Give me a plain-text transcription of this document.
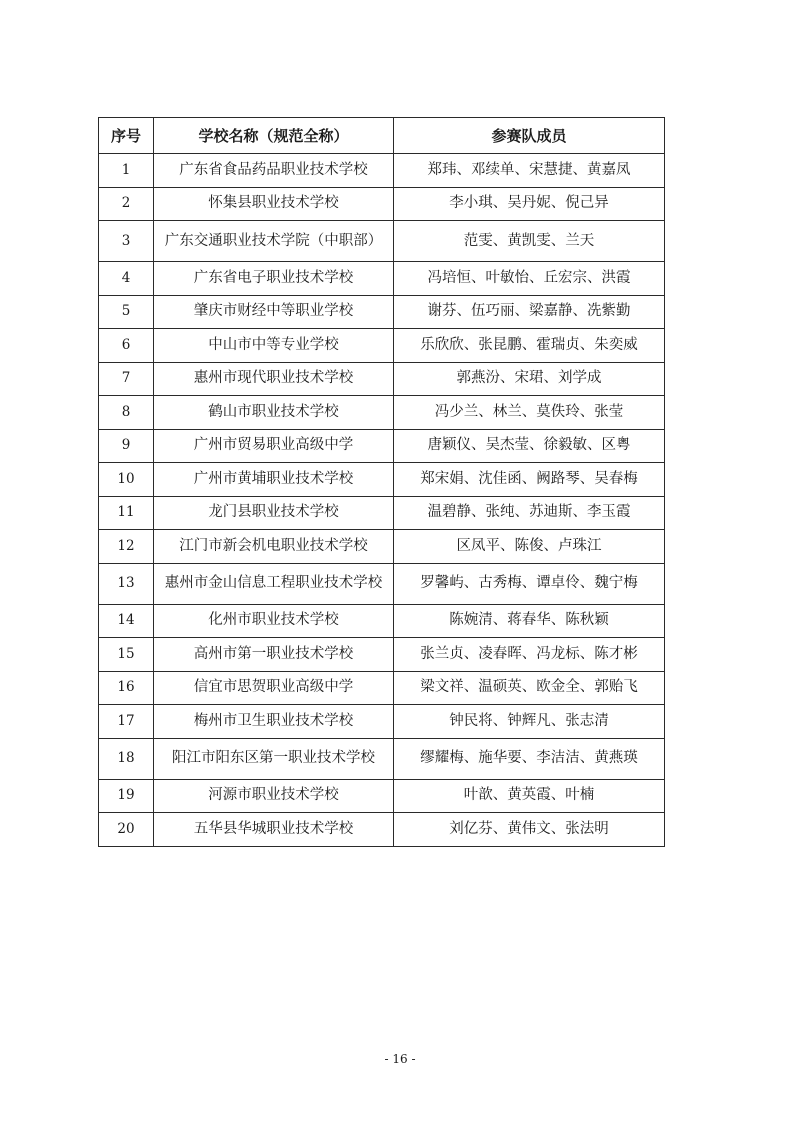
序号	学校名称（规范全称）	参赛队成员
1	广东省食品药品职业技术学校	郑玮、邓续单、宋慧捷、黄嘉凤
2	怀集县职业技术学校	李小琪、吴丹妮、倪己异
3	广东交通职业技术学院（中职部）	范雯、黄凯雯、兰天
4	广东省电子职业技术学校	冯培恒、叶敏怡、丘宏宗、洪霞
5	肇庆市财经中等职业学校	谢芬、伍巧丽、梁嘉静、冼紫勤
6	中山市中等专业学校	乐欣欣、张昆鹏、霍瑞贞、朱奕威
7	惠州市现代职业技术学校	郭燕汾、宋珺、刘学成
8	鹤山市职业技术学校	冯少兰、林兰、莫佚玲、张莹
9	广州市贸易职业高级中学	唐颖仪、吴杰莹、徐毅敏、区粤
10	广州市黄埔职业技术学校	郑宋娟、沈佳函、阙路琴、吴春梅
11	龙门县职业技术学校	温碧静、张纯、苏迪斯、李玉霞
12	江门市新会机电职业技术学校	区凤平、陈俊、卢珠江
13	惠州市金山信息工程职业技术学校	罗馨屿、古秀梅、谭卓伶、魏宁梅
14	化州市职业技术学校	陈婉清、蒋春华、陈秋颖
15	高州市第一职业技术学校	张兰贞、凌春晖、冯龙标、陈才彬
16	信宜市思贺职业高级中学	梁文祥、温硕英、欧金全、郭贻飞
17	梅州市卫生职业技术学校	钟民将、钟辉凡、张志清
18	阳江市阳东区第一职业技术学校	缪耀梅、施华要、李洁洁、黄燕瑛
19	河源市职业技术学校	叶歆、黄英霞、叶楠
20	五华县华城职业技术学校	刘亿芬、黄伟文、张法明
- 16 -
